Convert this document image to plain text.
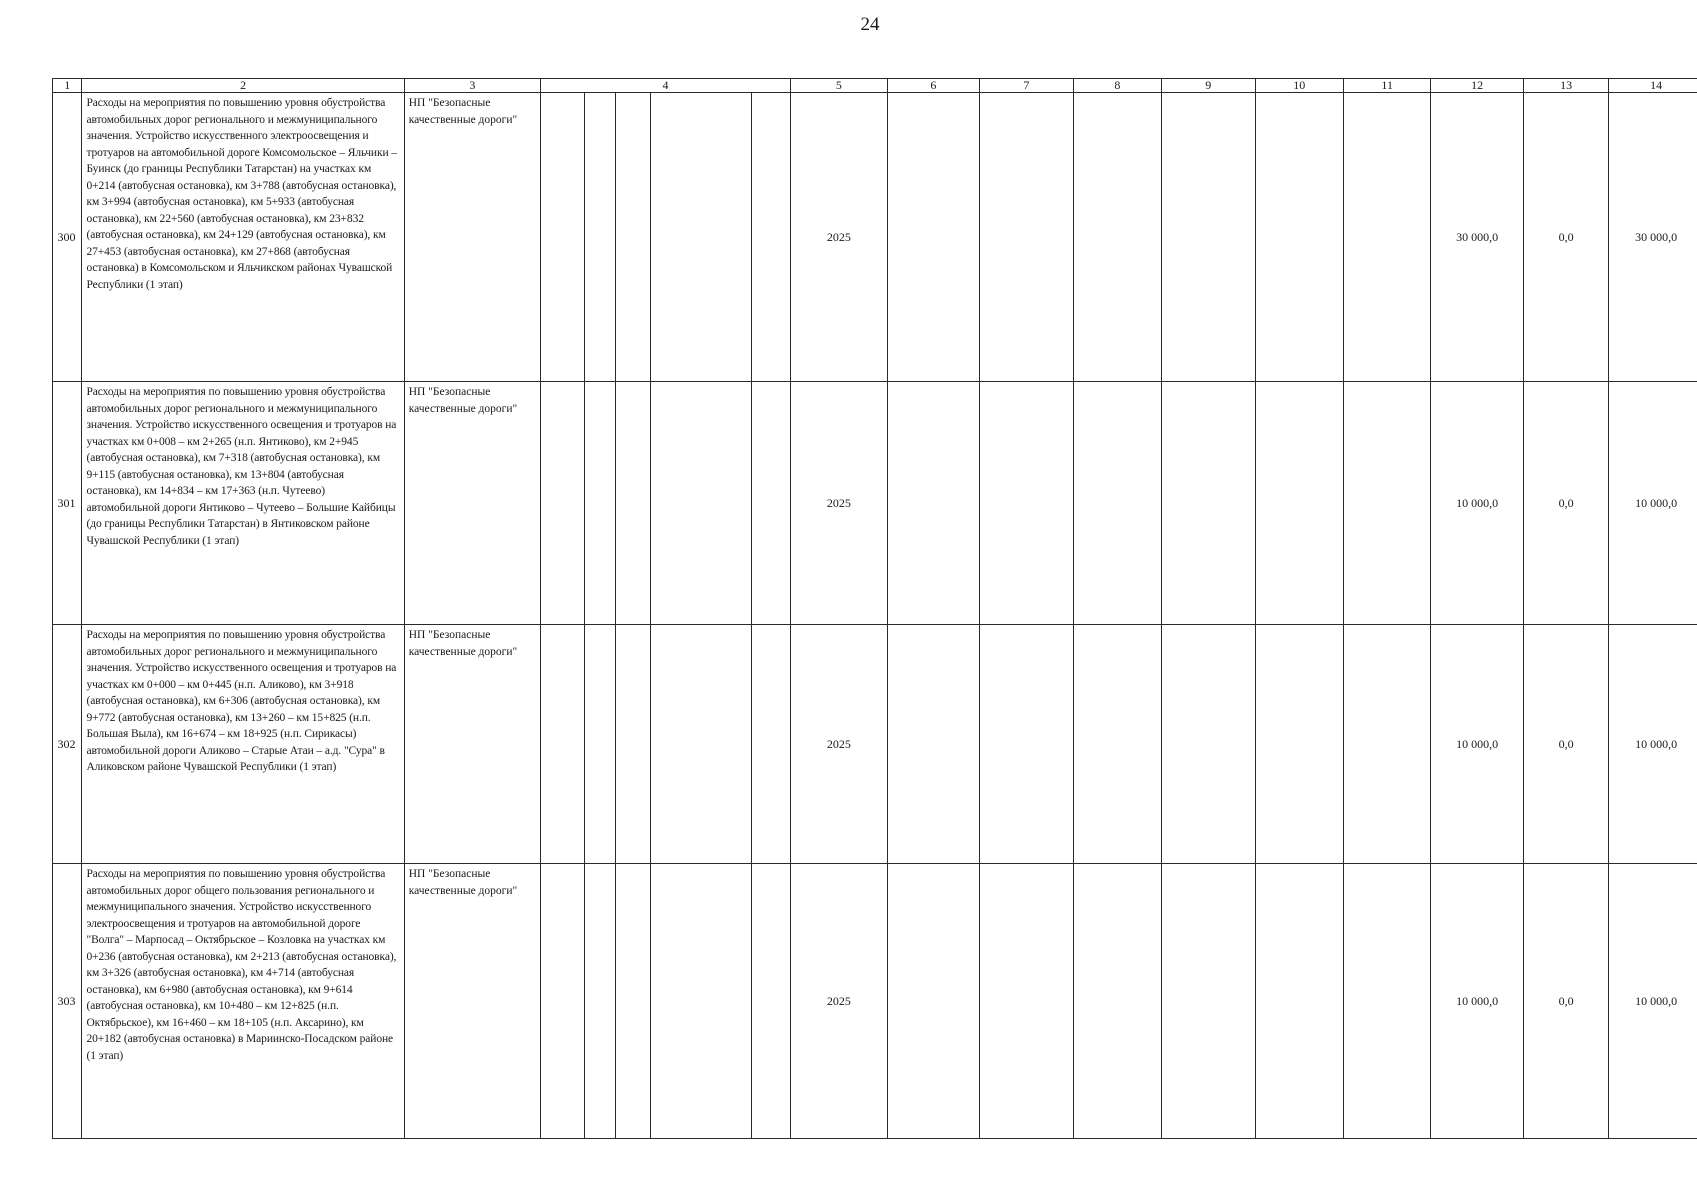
24
1	2	3	4					5	6	7	8	9	10	11	12	13	14
300	Расходы на мероприятия по повышению уровня обустройства автомобильных дорог регионального и межмуниципального значения. Устройство искусственного электроосвещения и тротуаров на автомобильной дороге Комсомольское – Яльчики – Буинск (до границы Республики Татарстан) на участках км 0+214 (автобусная остановка), км 3+788 (автобусная остановка), км 3+994 (автобусная остановка), км 5+933 (автобусная остановка), км 22+560 (автобусная остановка), км 23+832 (автобусная остановка), км 24+129 (автобусная остановка), км 27+453 (автобусная остановка), км 27+868 (автобусная остановка) в Комсомольском и Яльчикском районах Чувашской Республики (1 этап)	НП "Безопасные качественные дороги"						2025							30 000,0	0,0	30 000,0
301	Расходы на мероприятия по повышению уровня обустройства автомобильных дорог регионального и межмуниципального значения. Устройство искусственного освещения и тротуаров на участках км 0+008 – км 2+265 (н.п. Янтиково), км 2+945 (автобусная остановка), км 7+318 (автобусная остановка), км 9+115 (автобусная остановка), км 13+804 (автобусная остановка), км 14+834 – км 17+363 (н.п. Чутеево) автомобильной дороги Янтиково – Чутеево – Большие Кайбицы (до границы Республики Татарстан) в Янтиковском районе Чувашской Республики (1 этап)	НП "Безопасные качественные дороги"						2025							10 000,0	0,0	10 000,0
302	Расходы на мероприятия по повышению уровня обустройства автомобильных дорог регионального и межмуниципального значения. Устройство искусственного освещения и тротуаров на участках км 0+000 – км 0+445 (н.п. Аликово), км 3+918 (автобусная остановка), км 6+306 (автобусная остановка), км 9+772 (автобусная остановка), км 13+260 – км 15+825 (н.п. Большая Выла), км 16+674 – км 18+925 (н.п. Сирикасы) автомобильной дороги Аликово – Старые Атаи – а.д. "Сура" в Аликовском районе Чувашской Республики (1 этап)	НП "Безопасные качественные дороги"						2025							10 000,0	0,0	10 000,0
303	Расходы на мероприятия по повышению уровня обустройства автомобильных дорог общего пользования регионального и межмуниципального значения. Устройство искусственного электроосвещения и тротуаров на автомобильной дороге "Волга" – Марпосад – Октябрьское – Козловка на участках км 0+236 (автобусная остановка), км 2+213 (автобусная остановка), км 3+326 (автобусная остановка), км 4+714 (автобусная остановка), км 6+980 (автобусная остановка), км 9+614 (автобусная остановка), км 10+480 – км 12+825 (н.п. Октябрьское), км 16+460 – км 18+105 (н.п. Аксарино), км 20+182 (автобусная остановка) в Мариинско-Посадском районе (1 этап)	НП "Безопасные качественные дороги"						2025							10 000,0	0,0	10 000,0
